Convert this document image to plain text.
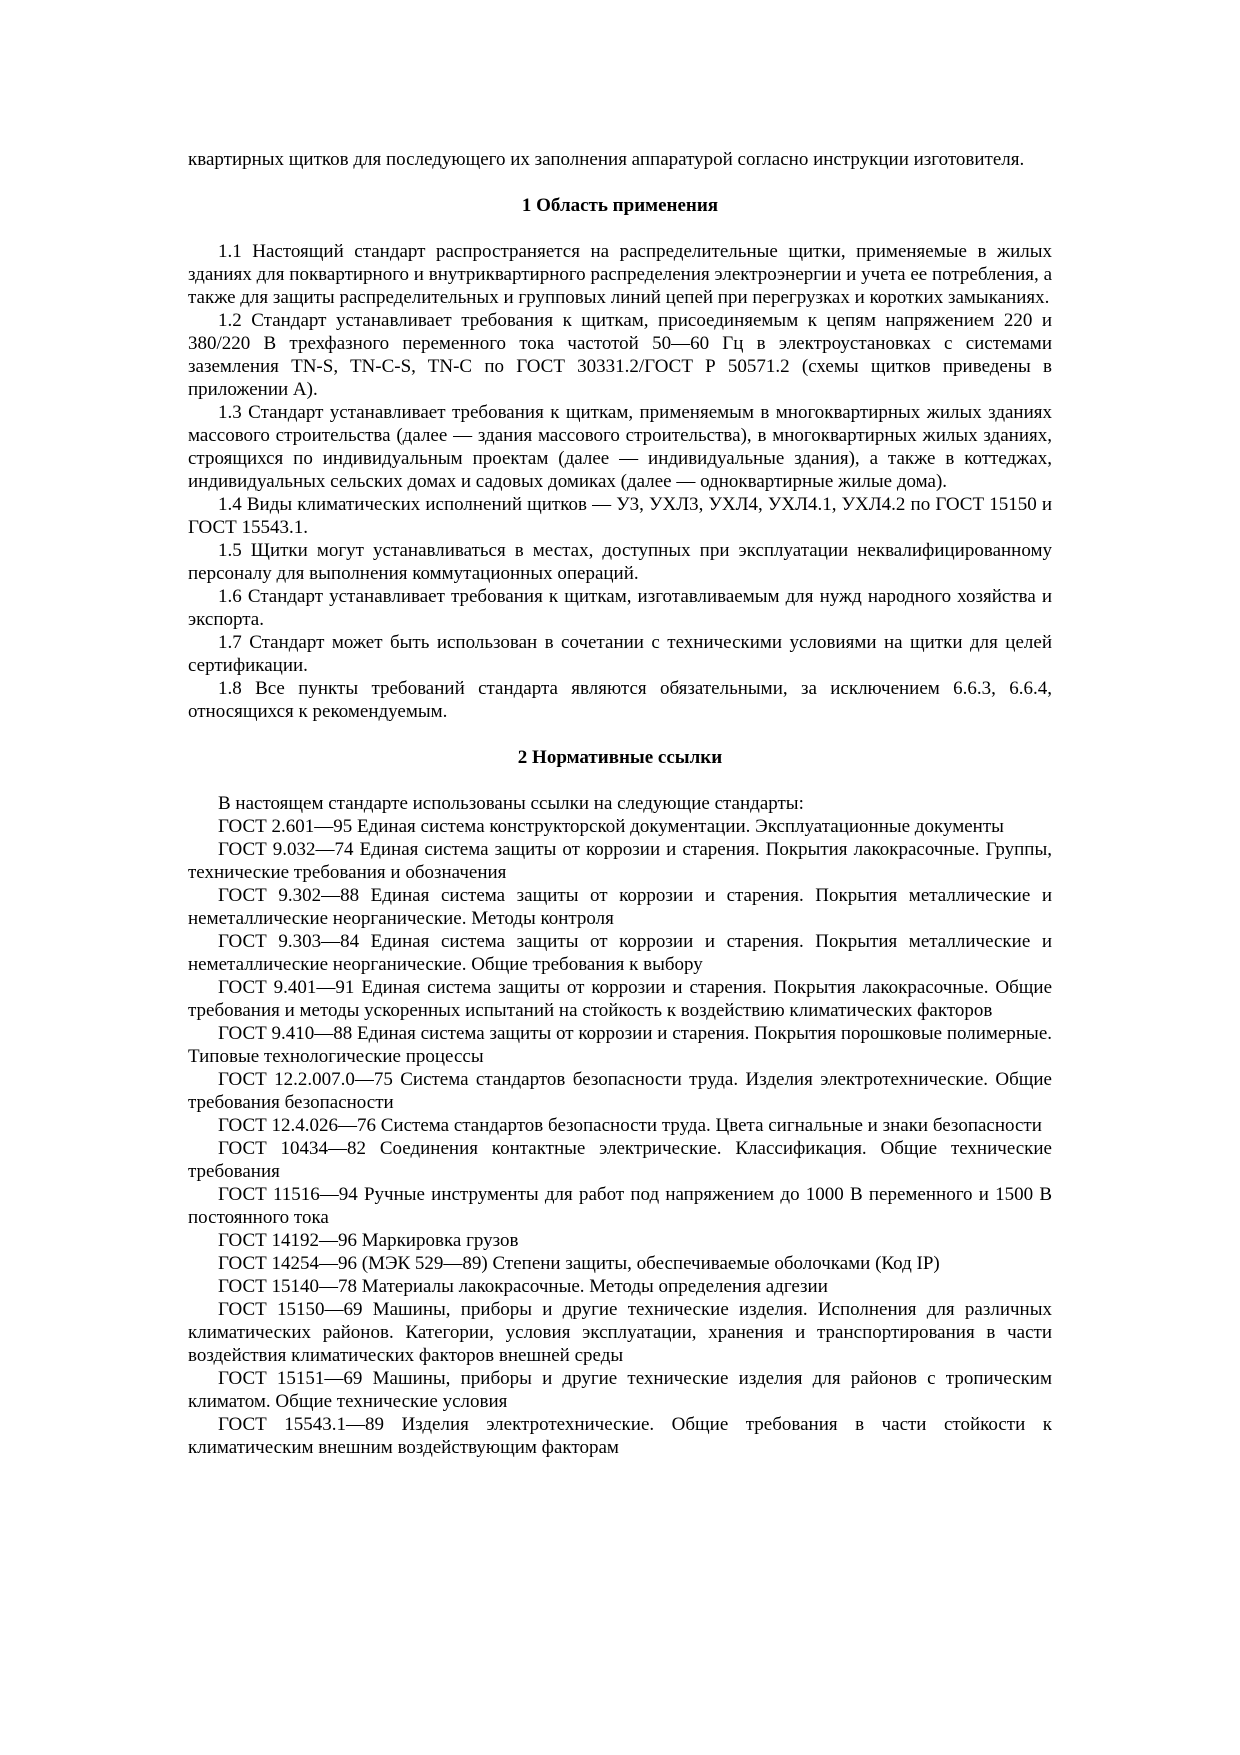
квартирных щитков для последующего их заполнения аппаратурой согласно инструкции изготовителя.

1 Область применения

1.1 Настоящий стандарт распространяется на распределительные щитки, применяемые в жилых зданиях для поквартирного и внутриквартирного распределения электроэнергии и учета ее потребления, а также для защиты распределительных и групповых линий цепей при перегрузках и коротких замыканиях.

1.2 Стандарт устанавливает требования к щиткам, присоединяемым к цепям напряжением 220 и 380/220 В трехфазного переменного тока частотой 50—60 Гц в электроустановках с системами заземления TN-S, TN-C-S, TN-C по ГОСТ 30331.2/ГОСТ Р 50571.2 (схемы щитков приведены в приложении А).

1.3 Стандарт устанавливает требования к щиткам, применяемым в многоквартирных жилых зданиях массового строительства (далее — здания массового строительства), в многоквартирных жилых зданиях, строящихся по индивидуальным проектам (далее — индивидуальные здания), а также в коттеджах, индивидуальных сельских домах и садовых домиках (далее — одноквартирные жилые дома).

1.4 Виды климатических исполнений щитков — У3, УХЛ3, УХЛ4, УХЛ4.1, УХЛ4.2 по ГОСТ 15150 и ГОСТ 15543.1.

1.5 Щитки могут устанавливаться в местах, доступных при эксплуатации неквалифицированному персоналу для выполнения коммутационных операций.

1.6 Стандарт устанавливает требования к щиткам, изготавливаемым для нужд народного хозяйства и экспорта.

1.7 Стандарт может быть использован в сочетании с техническими условиями на щитки для целей сертификации.

1.8 Все пункты требований стандарта являются обязательными, за исключением 6.6.3, 6.6.4, относящихся к рекомендуемым.

2 Нормативные ссылки

В настоящем стандарте использованы ссылки на следующие стандарты:

ГОСТ 2.601—95 Единая система конструкторской документации. Эксплуатационные документы

ГОСТ 9.032—74 Единая система защиты от коррозии и старения. Покрытия лакокрасочные. Группы, технические требования и обозначения

ГОСТ 9.302—88 Единая система защиты от коррозии и старения. Покрытия металлические и неметаллические неорганические. Методы контроля

ГОСТ 9.303—84 Единая система защиты от коррозии и старения. Покрытия металлические и неметаллические неорганические. Общие требования к выбору

ГОСТ 9.401—91 Единая система защиты от коррозии и старения. Покрытия лакокрасочные. Общие требования и методы ускоренных испытаний на стойкость к воздействию климатических факторов

ГОСТ 9.410—88 Единая система защиты от коррозии и старения. Покрытия порошковые полимерные. Типовые технологические процессы

ГОСТ 12.2.007.0—75 Система стандартов безопасности труда. Изделия электротехнические. Общие требования безопасности

ГОСТ 12.4.026—76 Система стандартов безопасности труда. Цвета сигнальные и знаки безопасности

ГОСТ 10434—82 Соединения контактные электрические. Классификация. Общие технические требования

ГОСТ 11516—94 Ручные инструменты для работ под напряжением до 1000 В переменного и 1500 В постоянного тока

ГОСТ 14192—96 Маркировка грузов

ГОСТ 14254—96 (МЭК 529—89) Степени защиты, обеспечиваемые оболочками (Код IP)

ГОСТ 15140—78 Материалы лакокрасочные. Методы определения адгезии

ГОСТ 15150—69 Машины, приборы и другие технические изделия. Исполнения для различных климатических районов. Категории, условия эксплуатации, хранения и транспортирования в части воздействия климатических факторов внешней среды

ГОСТ 15151—69 Машины, приборы и другие технические изделия для районов с тропическим климатом. Общие технические условия

ГОСТ 15543.1—89 Изделия электротехнические. Общие требования в части стойкости к климатическим внешним воздействующим факторам
